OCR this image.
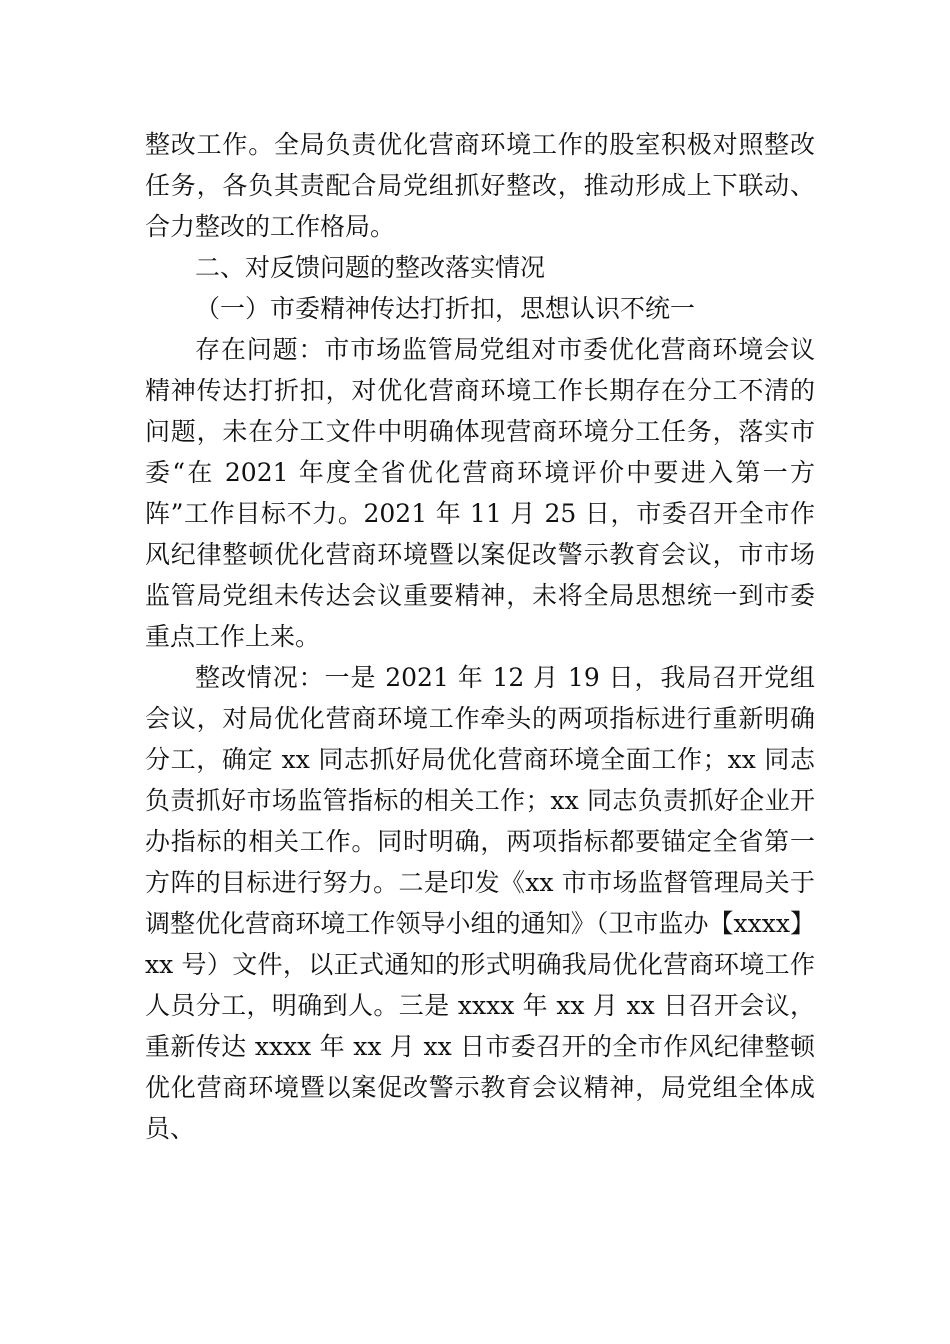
整改工作。全局负责优化营商环境工作的股室积极对照整改任务，各负其责配合局党组抓好整改，推动形成上下联动、 合力整改的工作格局。

二、对反馈问题的整改落实情况

（一）市委精神传达打折扣，思想认识不统一

存在问题：市市场监管局党组对市委优化营商环境会议精神传达打折扣，对优化营商环境工作长期存在分工不清的问题，未在分工文件中明确体现营商环境分工任务，落实市委“在 2021 年度全省优化营商环境评价中要进入第一方阵”工作目标不力。2021 年 11 月 25 日，市委召开全市作风纪律整顿优化营商环境暨以案促改警示教育会议，市市场监管局党组未传达会议重要精神，未将全局思想统一到市委重点工作上来。

整改情况：一是 2021 年 12 月 19 日，我局召开党组会议，对局优化营商环境工作牵头的两项指标进行重新明确分工，确定 xx 同志抓好局优化营商环境全面工作；xx 同志负责抓好市场监管指标的相关工作；xx 同志负责抓好企业开办指标的相关工作。同时明确，两项指标都要锚定全省第一方阵的目标进行努力。二是印发《xx 市市场监督管理局关于调整优化营商环境工作领导小组的通知》（卫市监办【xxxx】xx 号）文件，以正式通知的形式明确我局优化营商环境工作人员分工，明确到人。三是 xxxx 年 xx 月 xx 日召开会议，重新传达 xxxx 年 xx 月 xx 日市委召开的全市作风纪律整顿优化营商环境暨以案促改警示教育会议精神，局党组全体成员、
